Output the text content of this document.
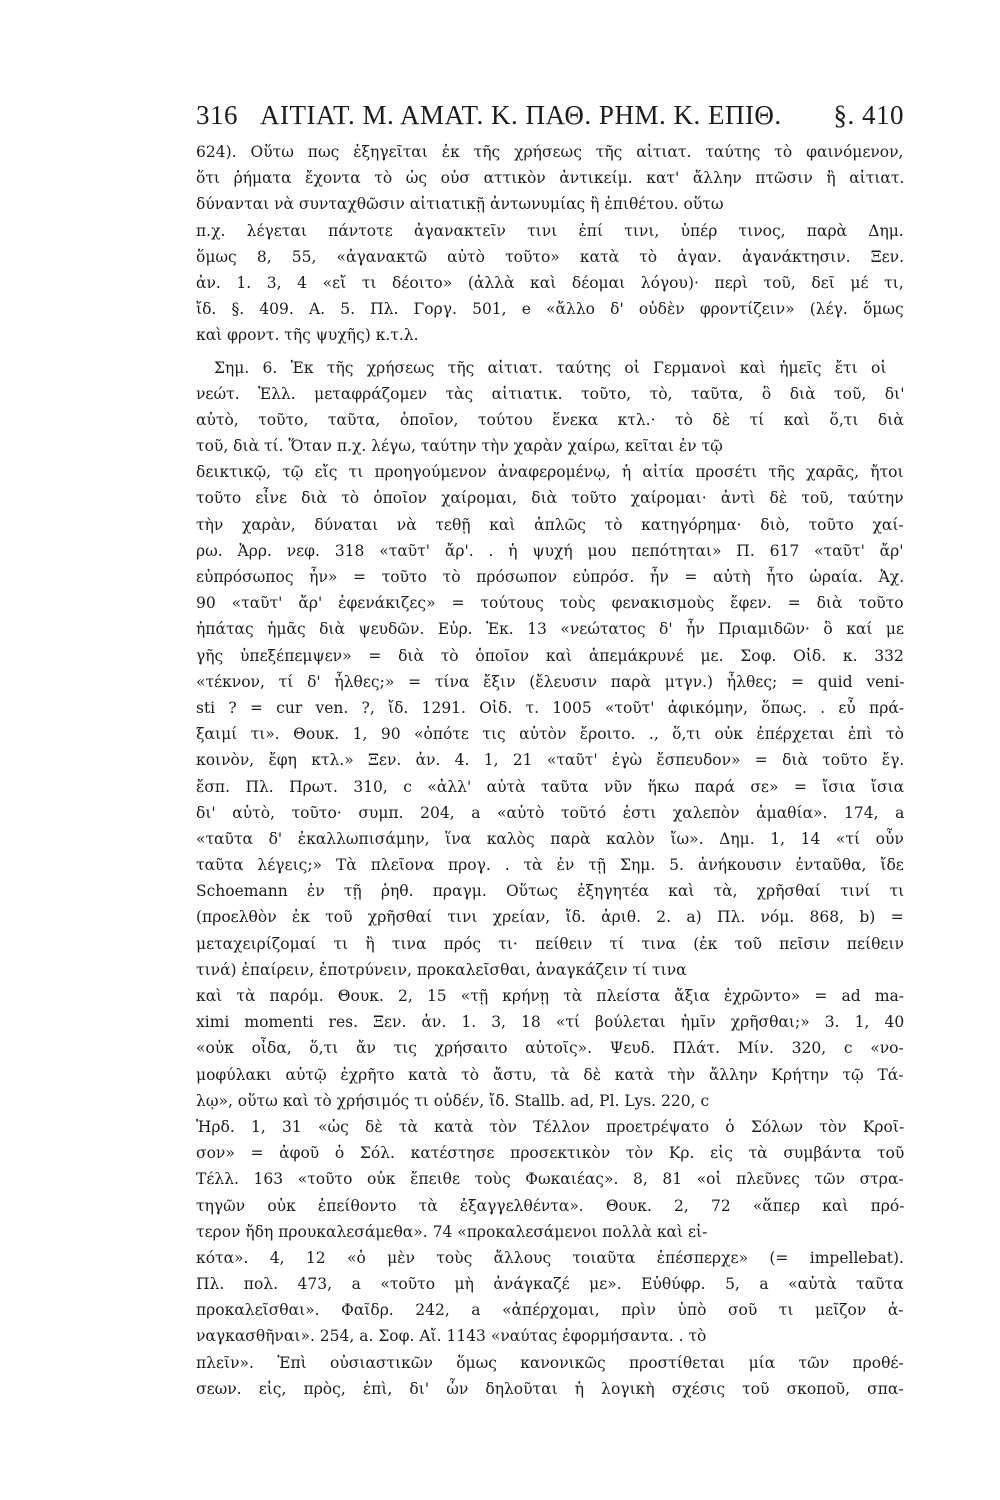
316 ΑΙΤΙΑΤ. Μ. ΑΜΑΤ. Κ. ΠΑΘ. ΡΗΜ. Κ. ΕΠΙΘ.	§. 410
624). Οὕτω πως ἐξηγεῖται ἐκ τῆς χρήσεως τῆς αἰτιατ. ταύτης τὸ φαινόμενον,
ὅτι ῥήματα ἔχοντα τὸ ὡς οὐσ αττικὸν ἀντικείμ. κατ' ἄλλην πτῶσιν ἢ αἰτιατ.
δύνανται νὰ συνταχθῶσιν αἰτιατικῇ ἀντωνυμίας ἢ ἐπιθέτου. οὕτω
π.χ. λέγεται πάντοτε ἀγανακτεῖν τινι ἐπί τινι, ὑπέρ τινος, παρὰ Δημ.
ὅμως 8, 55, «ἀγανακτῶ αὐτὸ τοῦτο» κατὰ τὸ ἀγαν. ἀγανάκτησιν. Ξεν.
ἀν. 1. 3, 4 «εἴ τι δέοιτο» (ἀλλὰ καὶ δέομαι λόγου)· περὶ τοῦ, δεῖ μέ τι,
ἴδ. §. 409. Α. 5. Πλ. Γοργ. 501, e «ἄλλο δ' οὐδὲν φροντίζειν» (λέγ. ὅμως
καὶ φροντ. τῆς ψυχῆς) κ.τ.λ.
Σημ. 6. Ἐκ τῆς χρήσεως τῆς αἰτιατ. ταύτης οἱ Γερμανοὶ καὶ ἡμεῖς ἔτι οἱ
νεώτ. Ἑλλ. μεταφράζομεν τὰς αἰτιατικ. τοῦτο, τὸ, ταῦτα, ὃ διὰ τοῦ, δι'
αὐτὸ, τοῦτο, ταῦτα, ὁποῖον, τούτου ἕνεκα κτλ.· τὸ δὲ τί καὶ ὅ,τι διὰ
τοῦ, διὰ τί. Ὅταν π.χ. λέγω, ταύτην τὴν χαρὰν χαίρω, κεῖται ἐν τῷ
δεικτικῷ, τῷ εἴς τι προηγούμενον ἀναφερομένῳ, ἡ αἰτία προσέτι τῆς χαρᾶς, ἤτοι
τοῦτο εἶνε διὰ τὸ ὁποῖον χαίρομαι, διὰ τοῦτο χαίρομαι· ἀντὶ δὲ τοῦ, ταύτην
τὴν χαρὰν, δύναται νὰ τεθῇ καὶ ἁπλῶς τὸ κατηγόρημα· διὸ, τοῦτο χαί-
ρω. Ἀρρ. νεφ. 318 «ταῦτ' ἄρ'. . ἡ ψυχή μου πεπότηται» Π. 617 «ταῦτ' ἄρ'
εὐπρόσωπος ἦν» = τοῦτο τὸ πρόσωπον εὐπρόσ. ἦν = αὐτὴ ἦτο ὡραία. Ἀχ.
90 «ταῦτ' ἄρ' ἐφενάκιζες» = τούτους τοὺς φενακισμοὺς ἔφεν. = διὰ τοῦτο
ἠπάτας ἡμᾶς διὰ ψευδῶν. Εὐρ. Ἑκ. 13 «νεώτατος δ' ἦν Πριαμιδῶν· ὃ καί με
γῆς ὑπεξέπεμψεν» = διὰ τὸ ὁποῖον καὶ ἀπεμάκρυνέ με. Σοφ. Οἰδ. κ. 332
«τέκνον, τί δ' ἦλθες;» = τίνα ἔξιν (ἔλευσιν παρὰ μτγν.) ἦλθες; = quid veni-
sti ? = cur ven. ?, ἴδ. 1291. Οἰδ. τ. 1005 «τοῦτ' ἀφικόμην, ὅπως. . εὖ πρά-
ξαιμί τι». Θουκ. 1, 90 «ὁπότε τις αὐτὸν ἔροιτο. ., ὅ,τι οὐκ ἐπέρχεται ἐπὶ τὸ
κοινὸν, ἔφη κτλ.» Ξεν. ἀν. 4. 1, 21 «ταῦτ' ἐγὼ ἔσπευδον» = διὰ τοῦτο ἔγ.
ἔσπ. Πλ. Πρωτ. 310, c «ἀλλ' αὐτὰ ταῦτα νῦν ἥκω παρά σε» = ἴσια ἴσια
δι' αὐτὸ, τοῦτο· συμπ. 204, a «αὐτὸ τοῦτό ἐστι χαλεπὸν ἀμαθία». 174, a
«ταῦτα δ' ἐκαλλωπισάμην, ἵνα καλὸς παρὰ καλὸν ἴω». Δημ. 1, 14 «τί οὖν
ταῦτα λέγεις;» Τὰ πλεῖονα προγ. . τὰ ἐν τῇ Σημ. 5. ἀνήκουσιν ἐνταῦθα, ἴδε
Schoemann ἐν τῇ ῥηθ. πραγμ. Οὕτως ἐξηγητέα καὶ τὰ, χρῆσθαί τινί τι
(προελθὸν ἐκ τοῦ χρῆσθαί τινι χρείαν, ἴδ. ἀριθ. 2. a) Πλ. νόμ. 868, b) =
μεταχειρίζομαί τι ἢ τινα πρός τι· πείθειν τί τινα (ἐκ τοῦ πεῖσιν πείθειν
τινά) ἐπαίρειν, ἐποτρύνειν, προκαλεῖσθαι, ἀναγκάζειν τί τινα
καὶ τὰ παρόμ. Θουκ. 2, 15 «τῇ κρήνῃ τὰ πλείστα ἄξια ἐχρῶντο» = ad ma-
ximi momenti res. Ξεν. ἀν. 1. 3, 18 «τί βούλεται ἡμῖν χρῆσθαι;» 3. 1, 40
«οὐκ οἶδα, ὅ,τι ἄν τις χρήσαιτο αὐτοῖς». Ψευδ. Πλάτ. Μίν. 320, c «νο-
μοφύλακι αὐτῷ ἐχρῆτο κατὰ τὸ ἄστυ, τὰ δὲ κατὰ τὴν ἄλλην Κρήτην τῷ Τά-
λῳ», οὕτω καὶ τὸ χρήσιμός τι οὐδέν, ἴδ. Stallb. ad, Pl. Lys. 220, c
Ἡρδ. 1, 31 «ὡς δὲ τὰ κατὰ τὸν Τέλλον προετρέψατο ὁ Σόλων τὸν Κροῖ-
σον» = ἀφοῦ ὁ Σόλ. κατέστησε προσεκτικὸν τὸν Κρ. εἰς τὰ συμβάντα τοῦ
Τέλλ. 163 «τοῦτο οὐκ ἔπειθε τοὺς Φωκαιέας». 8, 81 «οἱ πλεῦνες τῶν στρα-
τηγῶν οὐκ ἐπείθοντο τὰ ἐξαγγελθέντα». Θουκ. 2, 72 «ἅπερ καὶ πρό-
τερον ἤδη προυκαλεσάμεθα». 74 «προκαλεσάμενοι πολλὰ καὶ εἰ-
κότα». 4, 12 «ὁ μὲν τοὺς ἄλλους τοιαῦτα ἐπέσπερχε» (= impellebat).
Πλ. πολ. 473, a «τοῦτο μὴ ἀνάγκαζέ με». Εὐθύφρ. 5, a «αὐτὰ ταῦτα
προκαλεῖσθαι». Φαῖδρ. 242, a «ἀπέρχομαι, πρὶν ὑπὸ σοῦ τι μεῖζον ἀ-
ναγκασθῆναι». 254, a. Σοφ. Αἴ. 1143 «ναύτας ἐφορμήσαντα. . τὸ
πλεῖν». Ἐπὶ οὐσιαστικῶν ὅμως κανονικῶς προστίθεται μία τῶν προθέ-
σεων. εἰς, πρὸς, ἐπὶ, δι' ὧν δηλοῦται ἡ λογικὴ σχέσις τοῦ σκοποῦ, σπα-
